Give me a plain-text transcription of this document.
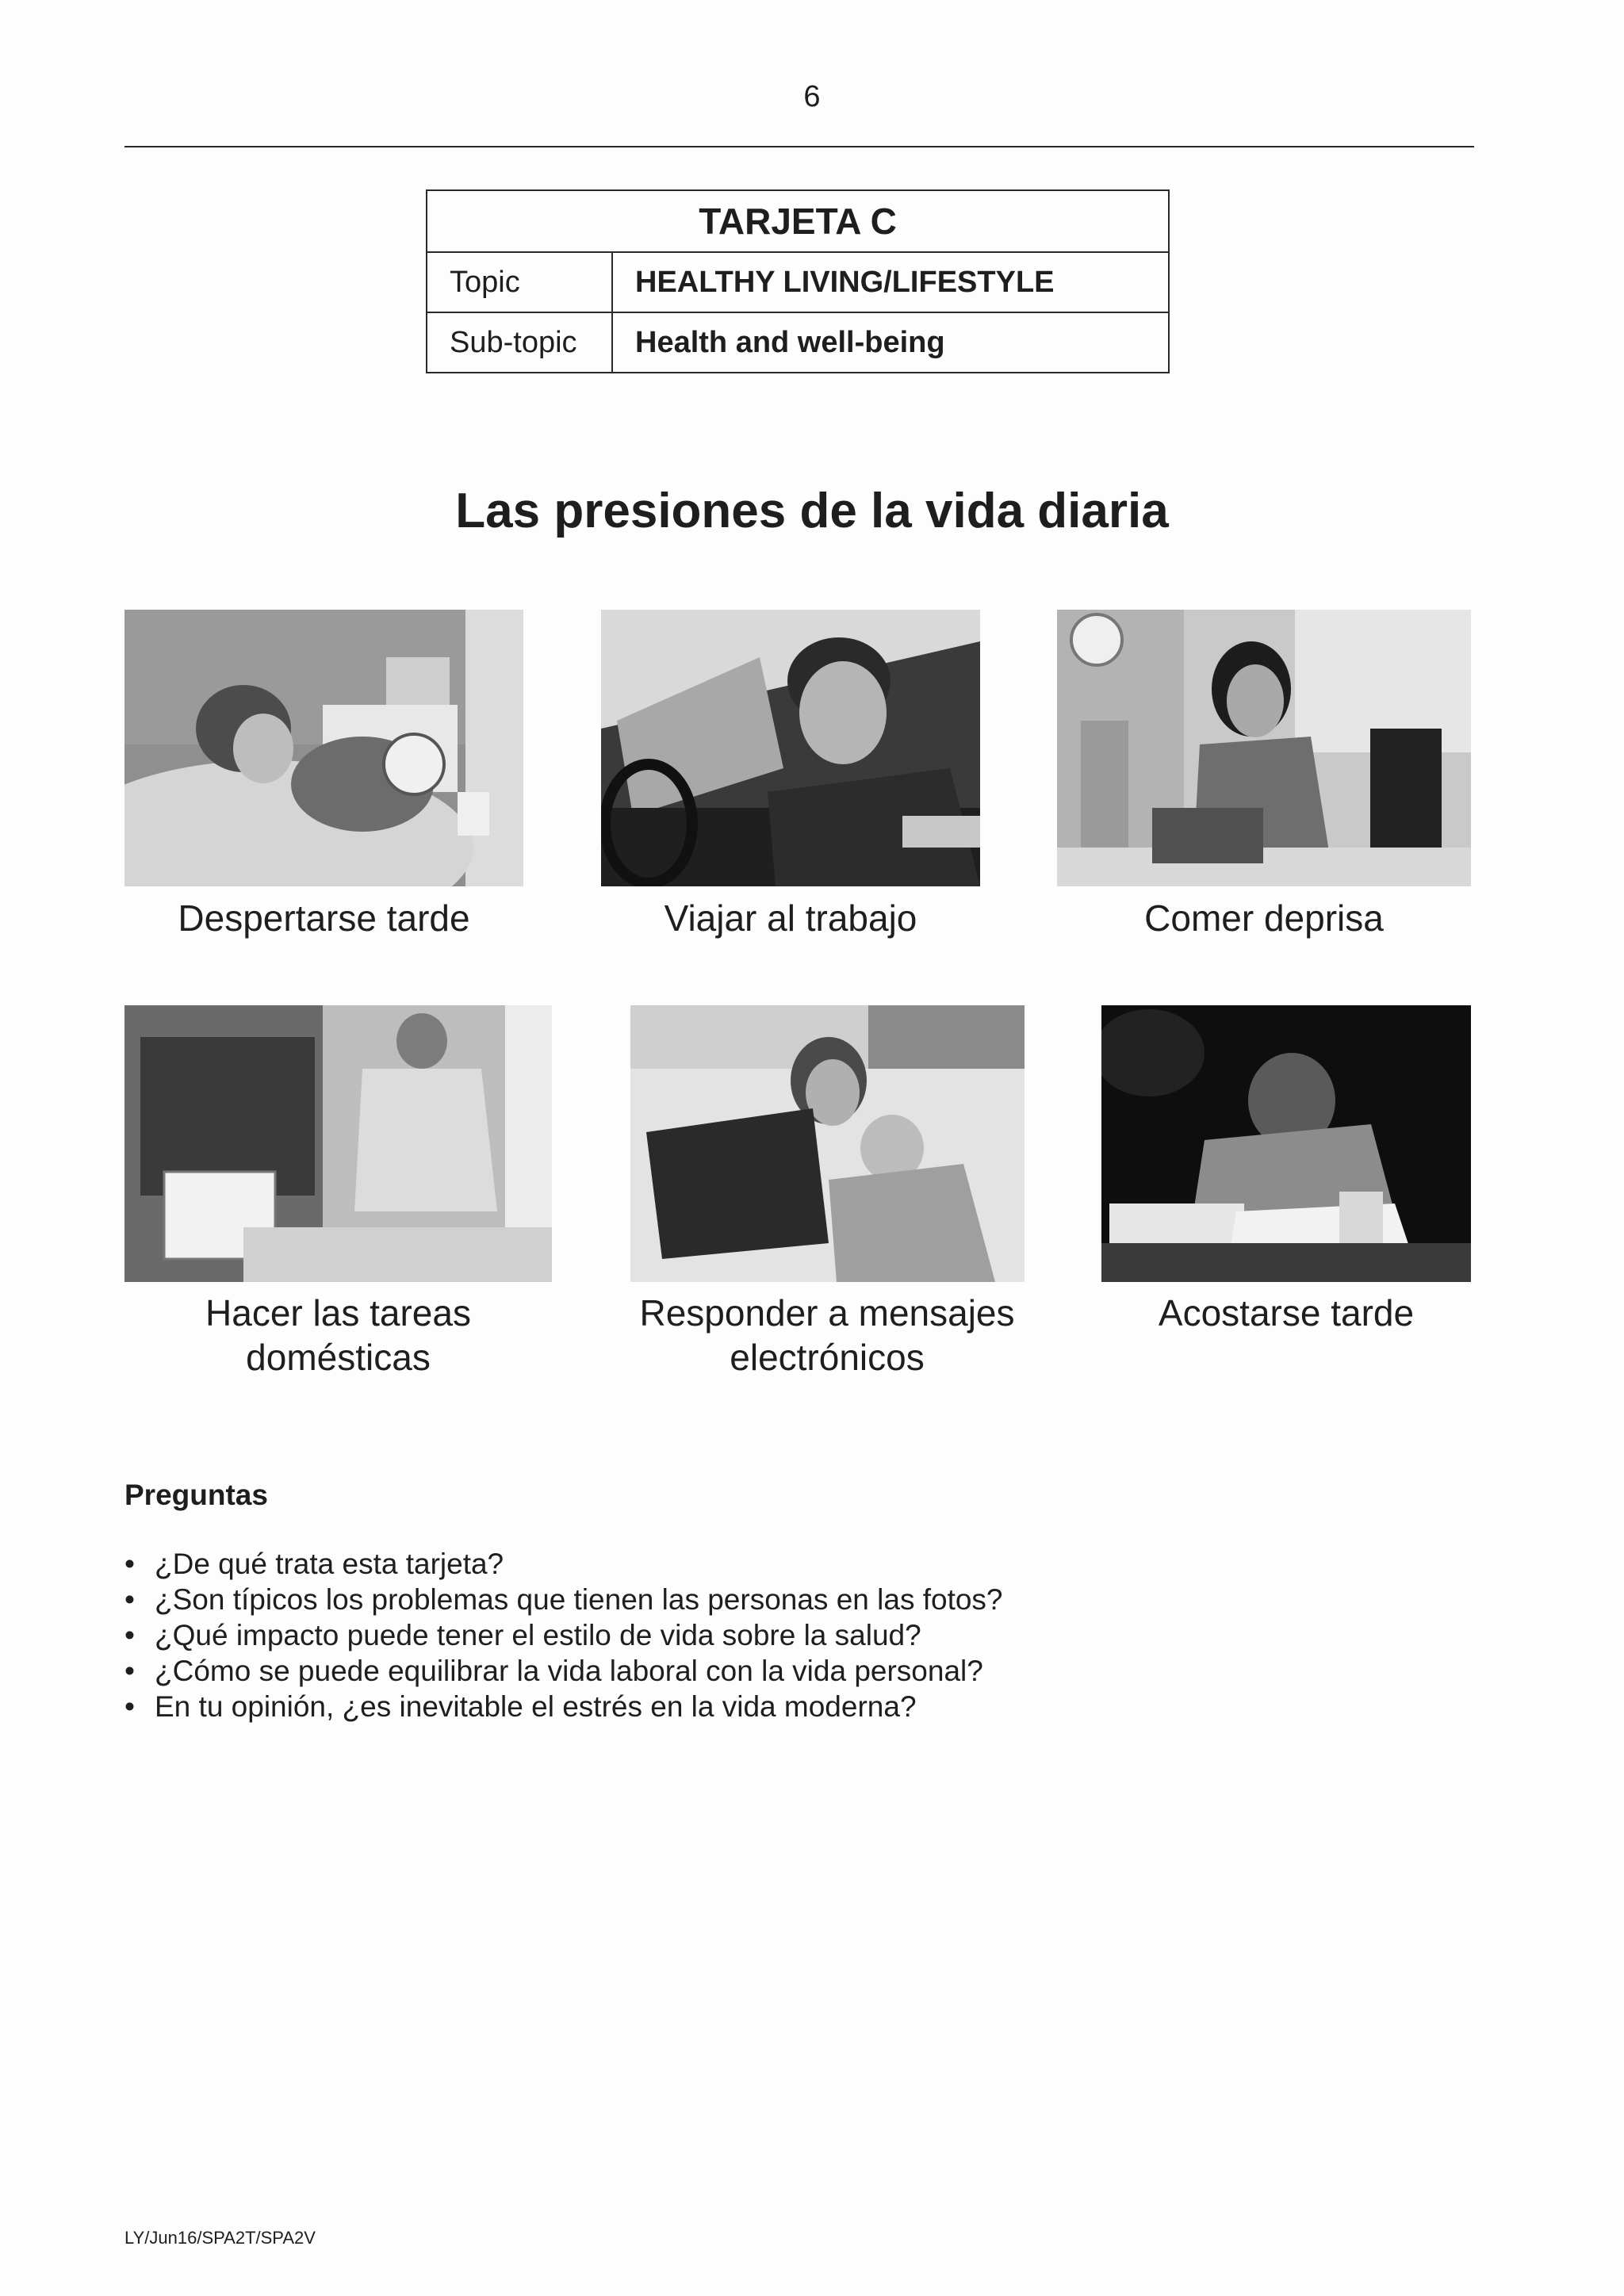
6
TARJETA C	
Topic	HEALTHY LIVING/LIFESTYLE
Sub-topic	Health and well-being
Las presiones de la vida diaria
Despertarse tarde	Viajar al trabajo	Comer deprisa
Hacer las tareas
domésticas
Responder a mensajes
electrónicos
Acostarse tarde
Preguntas
• ¿De qué trata esta tarjeta?
• ¿Son típicos los problemas que tienen las personas en las fotos?
• ¿Qué impacto puede tener el estilo de vida sobre la salud?
• ¿Cómo se puede equilibrar la vida laboral con la vida personal?
• En tu opinión, ¿es inevitable el estrés en la vida moderna?
LY/Jun16/SPA2T/SPA2V
